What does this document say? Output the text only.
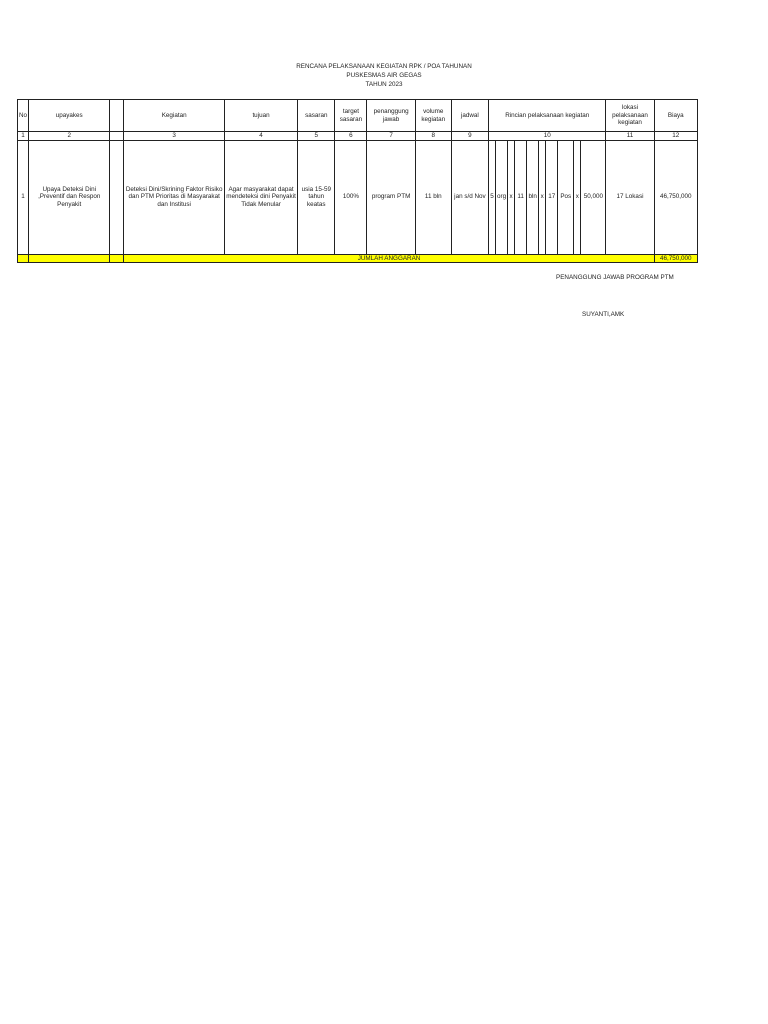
RENCANA PELAKSANAAN KEGIATAN RPK / POA TAHUNAN
PUSKESMAS AIR GEGAS
TAHUN 2023
No	upayakes		Kegiatan	tujuan	sasaran	target sasaran	penanggung jawab	volume kegiatan	jadwal	Rincian pelaksanaan kegiatan										lokasi pelaksanaan kegiatan	Biaya
1	2		3	4	5	6	7	8	9	10										11	12
1	Upaya Deteksi Dini ,Preventif dan Respon Penyakit		Deteksi Dini/Skrining Faktor Risiko dan PTM Prioritas di Masyarakat dan Institusi	Agar masyarakat dapat mendeteksi dini Penyakit Tidak Menular	usia 15-59 tahun keatas	100%	program PTM	11 bln	jan s/d Nov	5	org	x	11	bln	x	17	Pos	x	50,000	17 Lokasi	46,750,000
			JUMLAH ANGGARAN																		46,750,000
PENANGGUNG JAWAB PROGRAM PTM
SUYANTI,AMK
